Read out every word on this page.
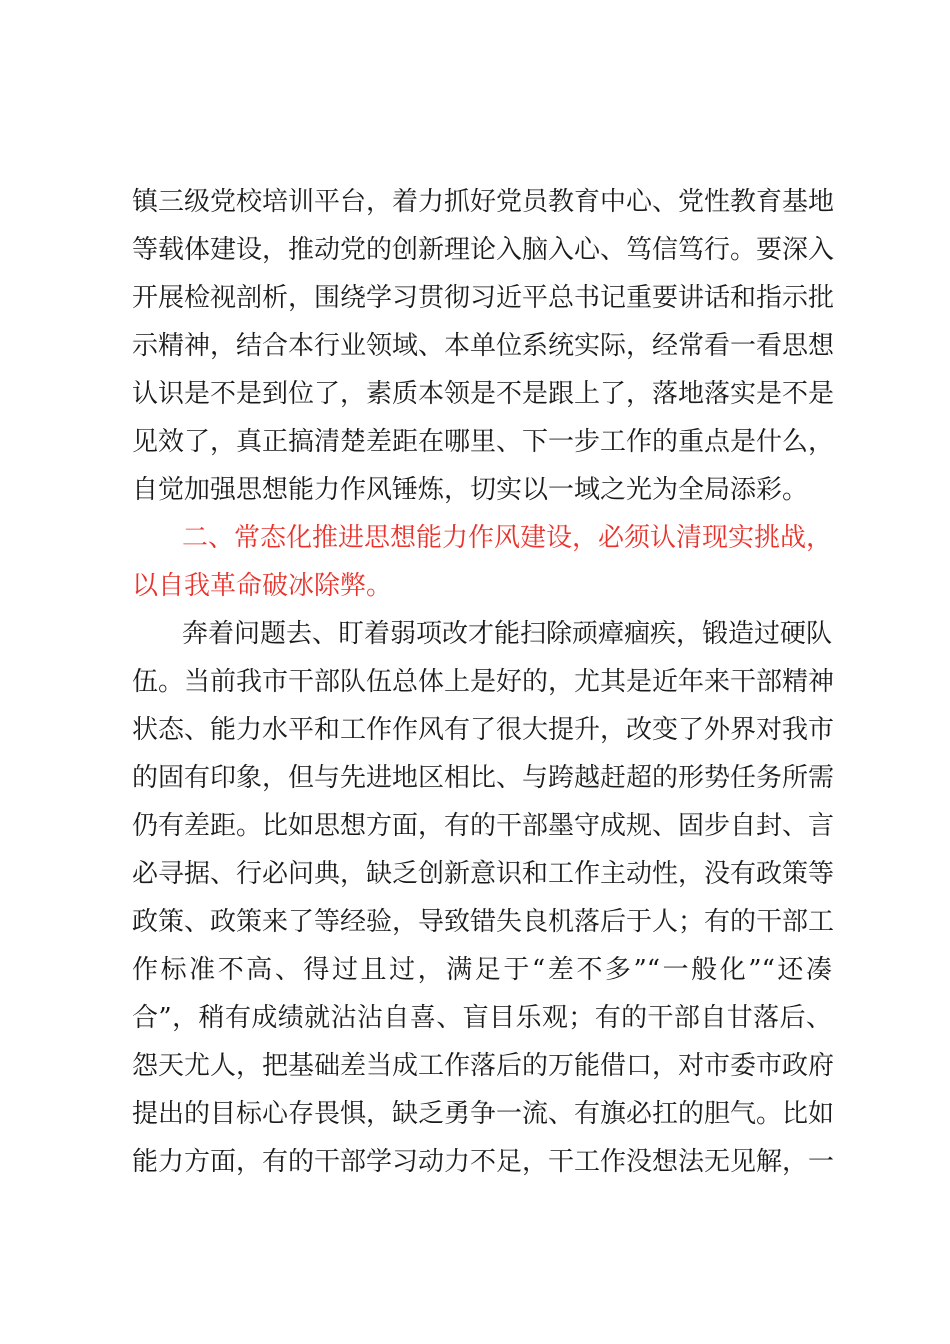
镇三级党校培训平台，着力抓好党员教育中心、党性教育基地
等载体建设，推动党的创新理论入脑入心、笃信笃行。要深入
开展检视剖析，围绕学习贯彻习近平总书记重要讲话和指示批
示精神，结合本行业领域、本单位系统实际，经常看一看思想
认识是不是到位了，素质本领是不是跟上了，落地落实是不是
见效了，真正搞清楚差距在哪里、下一步工作的重点是什么，
自觉加强思想能力作风锤炼，切实以一域之光为全局添彩。
二、常态化推进思想能力作风建设，必须认清现实挑战，
以自我革命破冰除弊。
奔着问题去、盯着弱项改才能扫除顽瘴痼疾，锻造过硬队
伍。当前我市干部队伍总体上是好的，尤其是近年来干部精神
状态、能力水平和工作作风有了很大提升，改变了外界对我市
的固有印象，但与先进地区相比、与跨越赶超的形势任务所需
仍有差距。比如思想方面，有的干部墨守成规、固步自封、言
必寻据、行必问典，缺乏创新意识和工作主动性，没有政策等
政策、政策来了等经验，导致错失良机落后于人；有的干部工
作标准不高、得过且过，满足于“差不多”“一般化”“还凑
合”，稍有成绩就沾沾自喜、盲目乐观；有的干部自甘落后、
怨天尤人，把基础差当成工作落后的万能借口，对市委市政府
提出的目标心存畏惧，缺乏勇争一流、有旗必扛的胆气。比如
能力方面，有的干部学习动力不足，干工作没想法无见解，一
